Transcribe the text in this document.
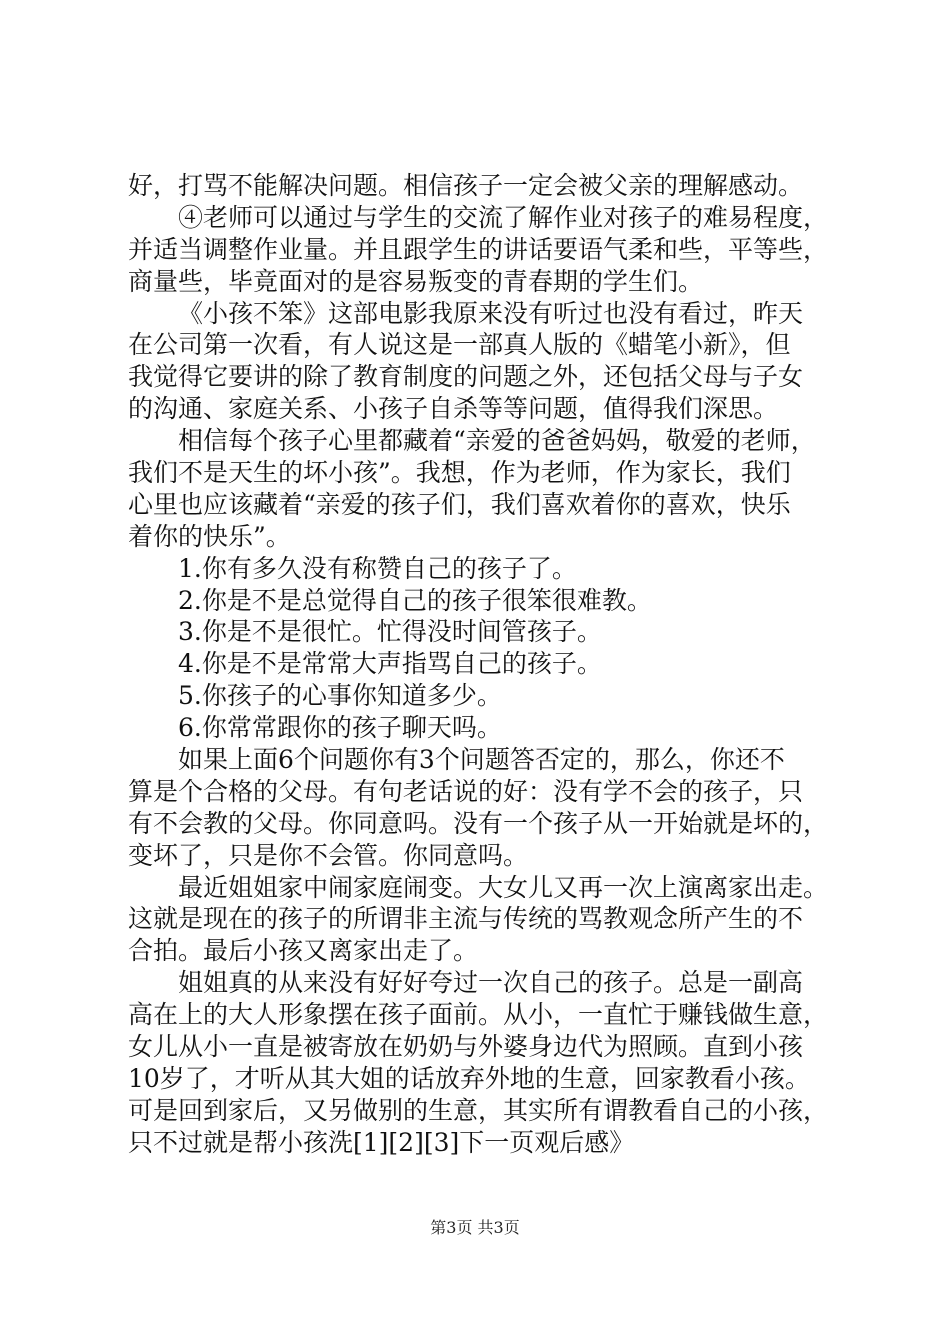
好，打骂不能解决问题。相信孩子一定会被父亲的理解感动。
④老师可以通过与学生的交流了解作业对孩子的难易程度，
并适当调整作业量。并且跟学生的讲话要语气柔和些，平等些，
商量些，毕竟面对的是容易叛变的青春期的学生们。
《小孩不笨》这部电影我原来没有听过也没有看过，昨天
在公司第一次看，有人说这是一部真人版的《蜡笔小新》，但
我觉得它要讲的除了教育制度的问题之外，还包括父母与子女
的沟通、家庭关系、小孩子自杀等等问题，值得我们深思。
相信每个孩子心里都藏着“亲爱的爸爸妈妈，敬爱的老师，
我们不是天生的坏小孩”。我想，作为老师，作为家长，我们
心里也应该藏着“亲爱的孩子们，我们喜欢着你的喜欢，快乐
着你的快乐”。
1.你有多久没有称赞自己的孩子了。
2.你是不是总觉得自己的孩子很笨很难教。
3.你是不是很忙。忙得没时间管孩子。
4.你是不是常常大声指骂自己的孩子。
5.你孩子的心事你知道多少。
6.你常常跟你的孩子聊天吗。
如果上面6个问题你有3个问题答否定的，那么，你还不
算是个合格的父母。有句老话说的好：没有学不会的孩子，只
有不会教的父母。你同意吗。没有一个孩子从一开始就是坏的，
变坏了，只是你不会管。你同意吗。
最近姐姐家中闹家庭闹变。大女儿又再一次上演离家出走。
这就是现在的孩子的所谓非主流与传统的骂教观念所产生的不
合拍。最后小孩又离家出走了。
姐姐真的从来没有好好夸过一次自己的孩子。总是一副高
高在上的大人形象摆在孩子面前。从小，一直忙于赚钱做生意，
女儿从小一直是被寄放在奶奶与外婆身边代为照顾。直到小孩
10岁了，才听从其大姐的话放弃外地的生意，回家教看小孩。
可是回到家后，又另做别的生意，其实所有谓教看自己的小孩，
只不过就是帮小孩洗[1][2][3]下一页观后感》
第3页 共3页
